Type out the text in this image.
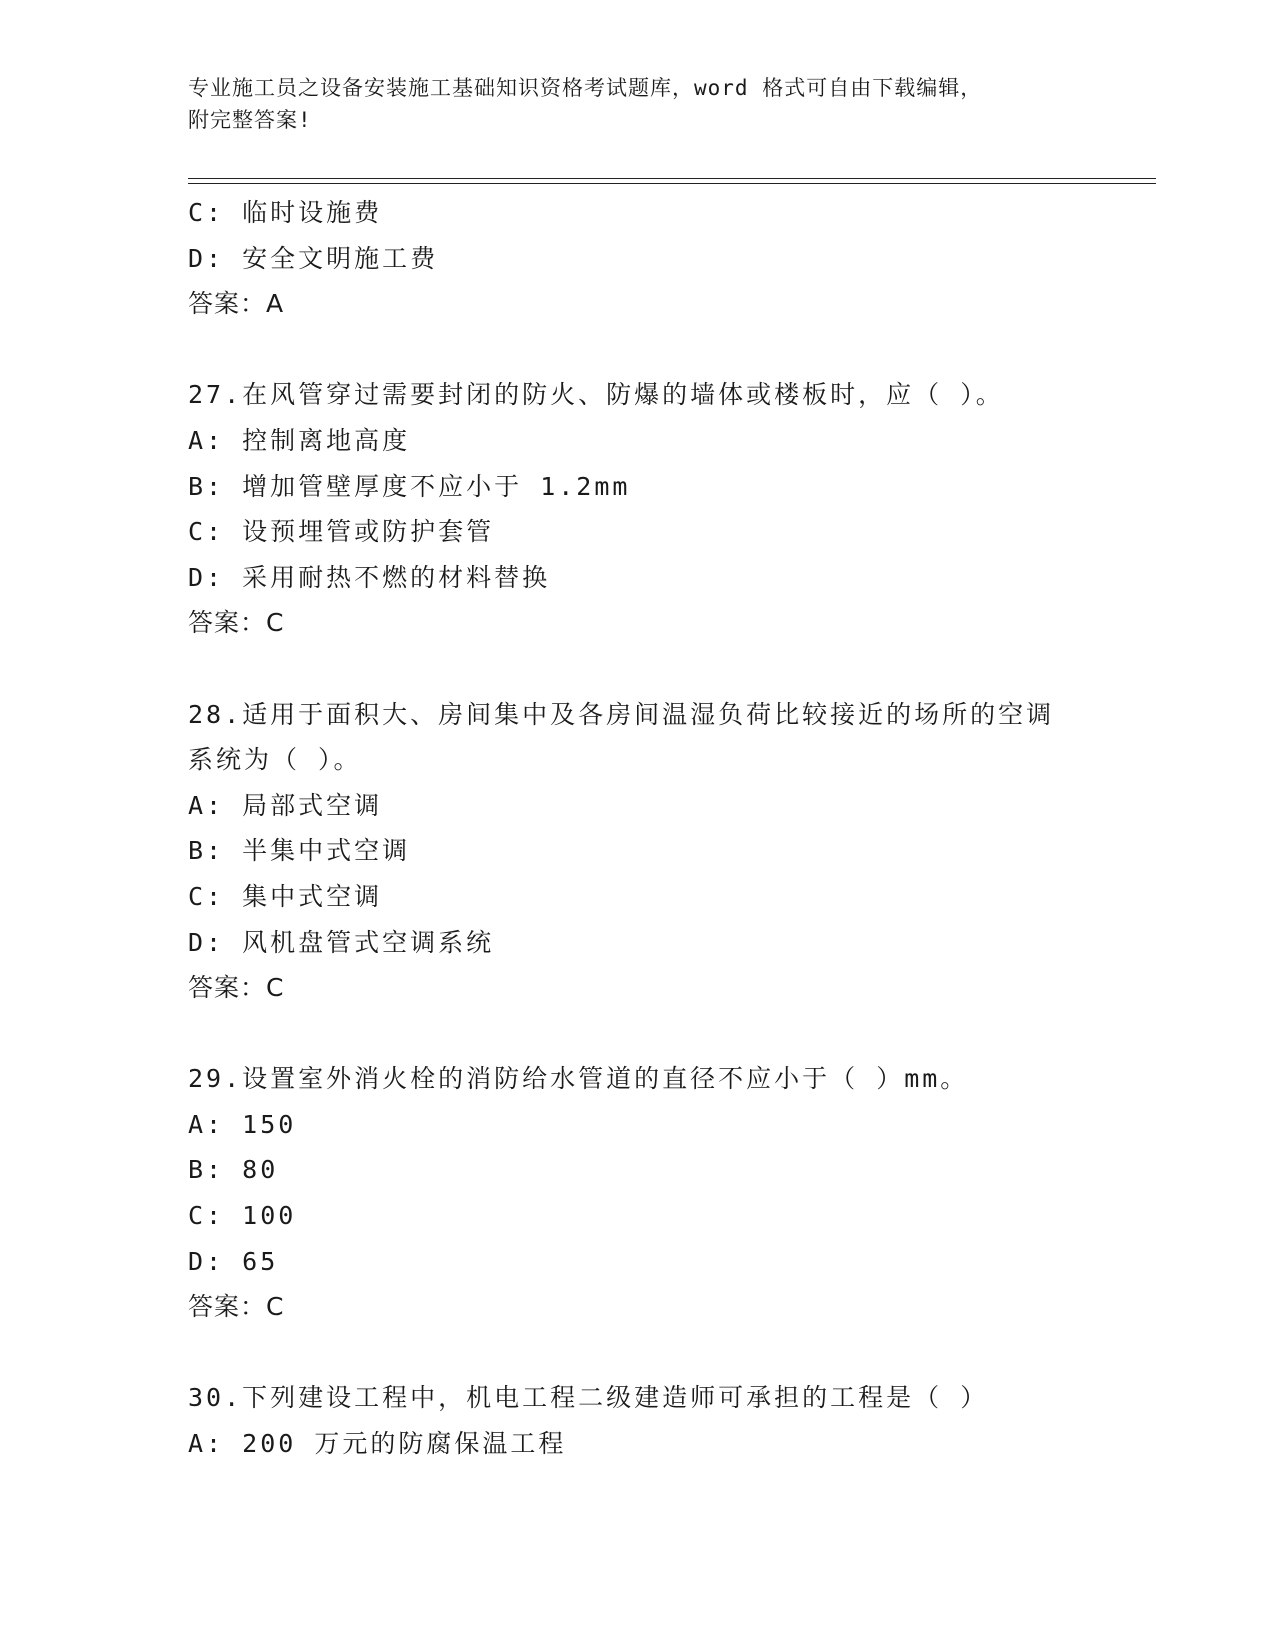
专业施工员之设备安装施工基础知识资格考试题库，word 格式可自由下载编辑，
附完整答案!
C: 临时设施费
D: 安全文明施工费
答案：A
27.在风管穿过需要封闭的防火、防爆的墙体或楼板时，应（ ）。
A: 控制离地高度
B: 增加管壁厚度不应小于 1.2mm
C: 设预埋管或防护套管
D: 采用耐热不燃的材料替换
答案：C
28.适用于面积大、房间集中及各房间温湿负荷比较接近的场所的空调
系统为（ ）。
A: 局部式空调
B: 半集中式空调
C: 集中式空调
D: 风机盘管式空调系统
答案：C
29.设置室外消火栓的消防给水管道的直径不应小于（ ）mm。
A: 150
B: 80
C: 100
D: 65
答案：C
30.下列建设工程中，机电工程二级建造师可承担的工程是（ ）
A: 200 万元的防腐保温工程
